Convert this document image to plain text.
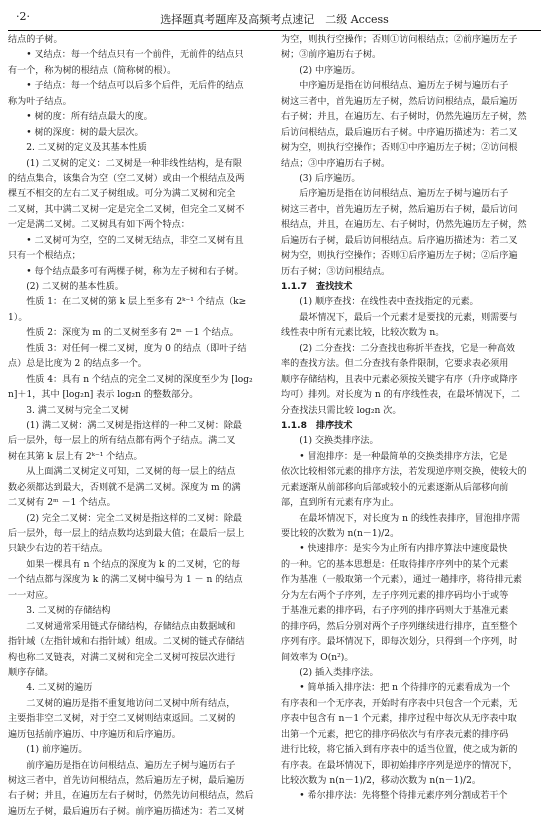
·2·	选择题真考题库及高频考点速记　二级 Access
结点的子树。
• 叉结点：每一个结点只有一个前件，无前件的结点只
有一个，称为树的根结点（简称树的根）。
• 子结点：每一个结点可以后多个后件，无后件的结点
称为叶子结点。
• 树的度：所有结点最大的度。
• 树的深度：树的最大层次。
2. 二叉树的定义及其基本性质
(1) 二叉树的定义：二叉树是一种非线性结构，是有限
的结点集合，该集合为空（空二叉树）或由一个根结点及两
棵互不相交的左右二叉子树组成。可分为满二叉树和完全
二叉树，其中满二叉树一定是完全二叉树，但完全二叉树不
一定是满二叉树。二叉树具有如下两个特点：
• 二叉树可为空，空的二叉树无结点，非空二叉树有且
只有一个根结点；
• 每个结点最多可有两棵子树，称为左子树和右子树。
(2) 二叉树的基本性质。
性质 1：在二叉树的第 k 层上至多有 2ᵏ⁻¹ 个结点（k≥
1）。
性质 2：深度为 m 的二叉树至多有 2ᵐ －1 个结点。
性质 3：对任何一棵二叉树，度为 0 的结点（即叶子结
点）总是比度为 2 的结点多一个。
性质 4：具有 n 个结点的完全二叉树的深度至少为 [log₂
n]＋1，其中 [log₂n] 表示 log₂n 的整数部分。
3. 满二叉树与完全二叉树
(1) 满二叉树：满二叉树是指这样的一种二叉树：除最
后一层外，每一层上的所有结点都有两个子结点。满二叉
树在其第 k 层上有 2ᵏ⁻¹ 个结点。
从上面满二叉树定义可知，二叉树的每一层上的结点
数必须都达到最大，否则就不是满二叉树。深度为 m 的满
二叉树有 2ᵐ －1 个结点。
(2) 完全二叉树：完全二叉树是指这样的二叉树：除最
后一层外，每一层上的结点数均达到最大值；在最后一层上
只缺少右边的若干结点。
如果一棵具有 n 个结点的深度为 k 的二叉树，它的每
一个结点都与深度为 k 的满二叉树中编号为 1 － n 的结点
一一对应。
3. 二叉树的存储结构
二叉树通常采用链式存储结构，存储结点由数据域和
指针域（左指针域和右指针域）组成。二叉树的链式存储结
构也称二叉链表，对满二叉树和完全二叉树可按层次进行
顺序存储。
4. 二叉树的遍历
二叉树的遍历是指不重复地访问二叉树中所有结点，
主要指非空二叉树，对于空二叉树则结束返回。二叉树的
遍历包括前序遍历、中序遍历和后序遍历。
(1) 前序遍历。
前序遍历是指在访问根结点、遍历左子树与遍历右子
树这三者中，首先访问根结点，然后遍历左子树，最后遍历
右子树；并且，在遍历左右子树时，仍然先访问根结点，然后
遍历左子树，最后遍历右子树。前序遍历描述为：若二叉树
为空，则执行空操作；否则①访问根结点；②前序遍历左子
树；③前序遍历右子树。
(2) 中序遍历。
中序遍历是指在访问根结点、遍历左子树与遍历右子
树这三者中，首先遍历左子树，然后访问根结点，最后遍历
右子树；并且，在遍历左、右子树时，仍然先遍历左子树，然
后访问根结点，最后遍历右子树。中序遍历描述为：若二叉
树为空，则执行空操作；否则①中序遍历左子树；②访问根
结点；③中序遍历右子树。
(3) 后序遍历。
后序遍历是指在访问根结点、遍历左子树与遍历右子
树这三者中，首先遍历左子树，然后遍历右子树，最后访问
根结点，并且，在遍历左、右子树时，仍然先遍历左子树，然
后遍历右子树，最后访问根结点。后序遍历描述为：若二叉
树为空，则执行空操作；否则①后序遍历左子树；②后序遍
历右子树；③访问根结点。
1.1.7　查找技术
(1) 顺序查找：在线性表中查找指定的元素。
最坏情况下，最后一个元素才是要找的元素，则需要与
线性表中所有元素比较，比较次数为 n。
(2) 二分查找：二分查找也称折半查找，它是一种高效
率的查找方法。但二分查找有条件限制，它要求表必须用
顺序存储结构，且表中元素必须按关键字有序（升序或降序
均可）排列。对长度为 n 的有序线性表，在最坏情况下，二
分查找法只需比较 log₂n 次。
1.1.8　排序技术
(1) 交换类排序法。
• 冒泡排序：是一种最简单的交换类排序方法，它是
依次比较相邻元素的排序方法，若发现逆序则交换，使较大的
元素逐渐从前部移向后部或较小的元素逐渐从后部移向前
部，直到所有元素有序为止。
在最坏情况下，对长度为 n 的线性表排序，冒泡排序需
要比较的次数为 n(n－1)/2。
• 快速排序：是实今为止所有内排序算法中速度最快
的一种。它的基本思想是：任取待排序序列中的某个元素
作为基准（一般取第一个元素），通过一趟排序，将待排元素
分为左右两个子序列，左子序列元素的排序码均小于或等
于基准元素的排序码，右子序列的排序码则大于基准元素
的排序码，然后分别对两个子序列继续进行排序，直至整个
序列有序。最坏情况下，即每次划分，只得到一个序列，时
间效率为 O(n²)。
(2) 插入类排序法。
• 简单插入排序法：把 n 个待排序的元素看成为一个
有序表和一个无序表，开始时有序表中只包含一个元素，无
序表中包含有 n－1 个元素，排序过程中每次从无序表中取
出第一个元素，把它的排序码依次与有序表元素的排序码
进行比较，将它插入到有序表中的适当位置，使之成为新的
有序表。在最坏情况下，即初始排序序列是逆序的情况下，
比较次数为 n(n－1)/2，移动次数为 n(n－1)/2。
• 希尔排序法：先将整个待排元素序列分割成若干个
